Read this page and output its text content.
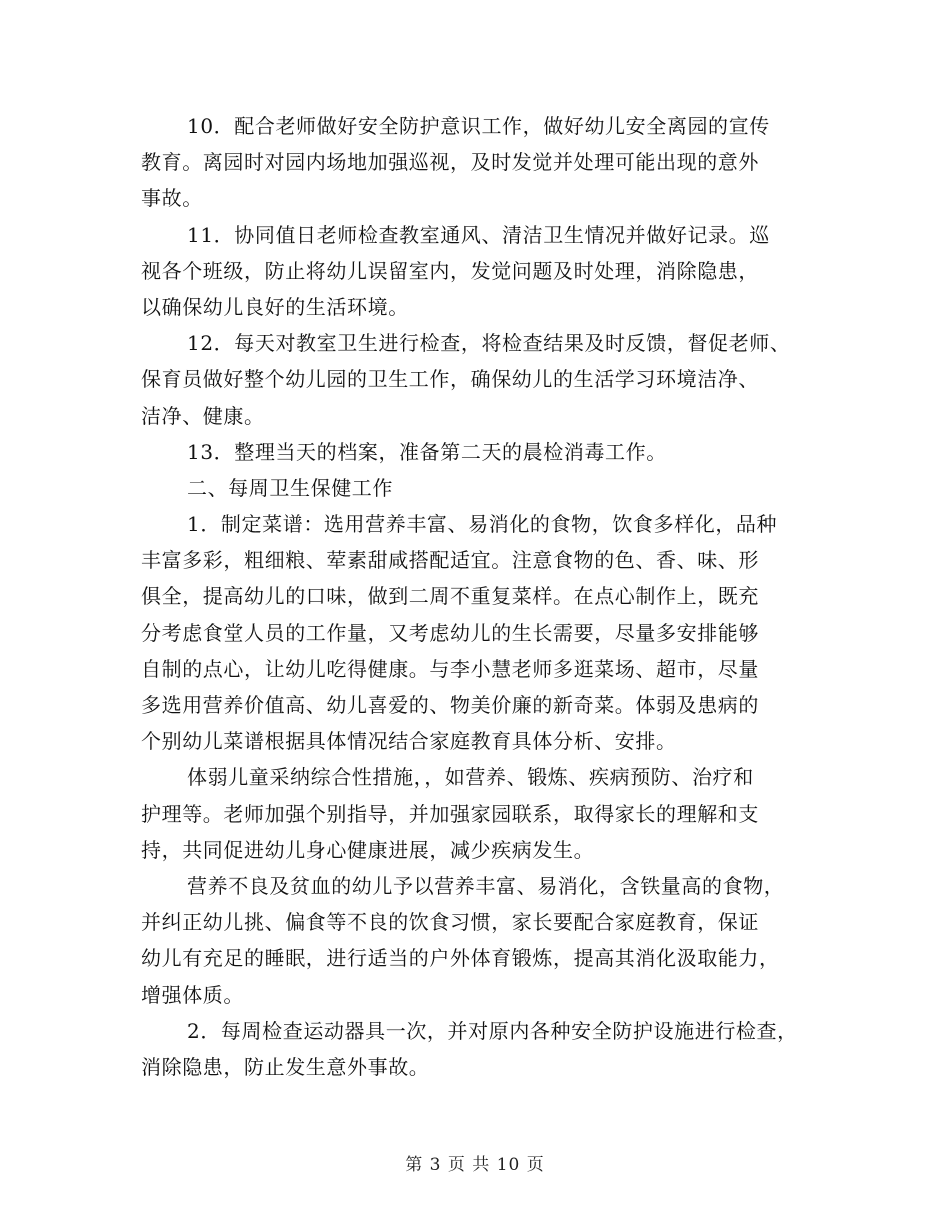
10．配合老师做好安全防护意识工作，做好幼儿安全离园的宣传
教育。离园时对园内场地加强巡视，及时发觉并处理可能出现的意外
事故。
11．协同值日老师检查教室通风、清洁卫生情况并做好记录。巡
视各个班级，防止将幼儿误留室内，发觉问题及时处理，消除隐患，
以确保幼儿良好的生活环境。
12．每天对教室卫生进行检查，将检查结果及时反馈，督促老师、
保育员做好整个幼儿园的卫生工作，确保幼儿的生活学习环境洁净、
洁净、健康。
13．整理当天的档案，准备第二天的晨检消毒工作。
二、每周卫生保健工作
1．制定菜谱：选用营养丰富、易消化的食物，饮食多样化，品种
丰富多彩，粗细粮、荤素甜咸搭配适宜。注意食物的色、香、味、形
俱全，提高幼儿的口味，做到二周不重复菜样。在点心制作上，既充
分考虑食堂人员的工作量，又考虑幼儿的生长需要，尽量多安排能够
自制的点心，让幼儿吃得健康。与李小慧老师多逛菜场、超市，尽量
多选用营养价值高、幼儿喜爱的、物美价廉的新奇菜。体弱及患病的
个别幼儿菜谱根据具体情况结合家庭教育具体分析、安排。
体弱儿童采纳综合性措施，，如营养、锻炼、疾病预防、治疗和
护理等。老师加强个别指导，并加强家园联系，取得家长的理解和支
持，共同促进幼儿身心健康进展，减少疾病发生。
营养不良及贫血的幼儿予以营养丰富、易消化，含铁量高的食物，
并纠正幼儿挑、偏食等不良的饮食习惯，家长要配合家庭教育，保证
幼儿有充足的睡眠，进行适当的户外体育锻炼，提高其消化汲取能力，
增强体质。
2．每周检查运动器具一次，并对原内各种安全防护设施进行检查，
消除隐患，防止发生意外事故。
第 3 页 共 10 页
